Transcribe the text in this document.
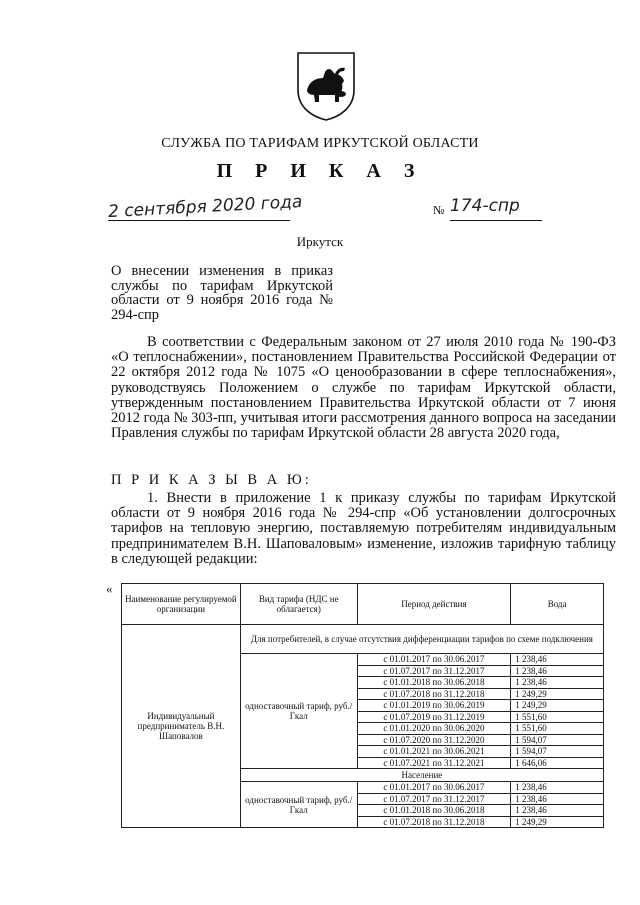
СЛУЖБА ПО ТАРИФАМ ИРКУТСКОЙ ОБЛАСТИ
П Р И К А З
2 сентября 2020 года	№ 174-спр
Иркутск
О внесении изменения в приказ службы по тарифам Иркутской области от 9 ноября 2016 года № 294-спр
В соответствии с Федеральным законом от 27 июля 2010 года № 190-ФЗ «О теплоснабжении», постановлением Правительства Российской Федерации от 22 октября 2012 года № 1075 «О ценообразовании в сфере теплоснабжения», руководствуясь Положением о службе по тарифам Иркутской области, утвержденным постановлением Правительства Иркутской области от 7 июня 2012 года № 303-пп, учитывая итоги рассмотрения данного вопроса на заседании Правления службы по тарифам Иркутской области 28 августа 2020 года,
П Р И К А З Ы В А Ю:
1. Внести в приложение 1 к приказу службы по тарифам Иркутской области от 9 ноября 2016 года № 294-спр «Об установлении долгосрочных тарифов на тепловую энергию, поставляемую потребителям индивидуальным предпринимателем В.Н. Шаповаловым» изменение, изложив тарифную таблицу в следующей редакции:
«
Наименование регулируемой организации	Вид тарифа (НДС не облагается)	Период действия	Вода
Индивидуальный предприниматель В.Н. Шаповалов	Для потребителей, в случае отсутствия дифференциации тарифов по схеме подключения		
	одноставочный тариф, руб./Гкал	с 01.01.2017 по 30.06.2017	1 238,46
		с 01.07.2017 по 31.12.2017	1 238,46
		с 01.01.2018 по 30.06.2018	1 238,46
		с 01.07.2018 по 31.12.2018	1 249,29
		с 01.01.2019 по 30.06.2019	1 249,29
		с 01.07.2019 по 31.12.2019	1 551,60
		с 01.01.2020 по 30.06.2020	1 551,60
		с 01.07.2020 по 31.12.2020	1 594,07
		с 01.01.2021 по 30.06.2021	1 594,07
		с 01.07.2021 по 31.12.2021	1 646,06
	Население		
	одноставочный тариф, руб./Гкал	с 01.01.2017 по 30.06.2017	1 238,46
		с 01.07.2017 по 31.12.2017	1 238,46
		с 01.01.2018 по 30.06.2018	1 238,46
		с 01.07.2018 по 31.12.2018	1 249,29
